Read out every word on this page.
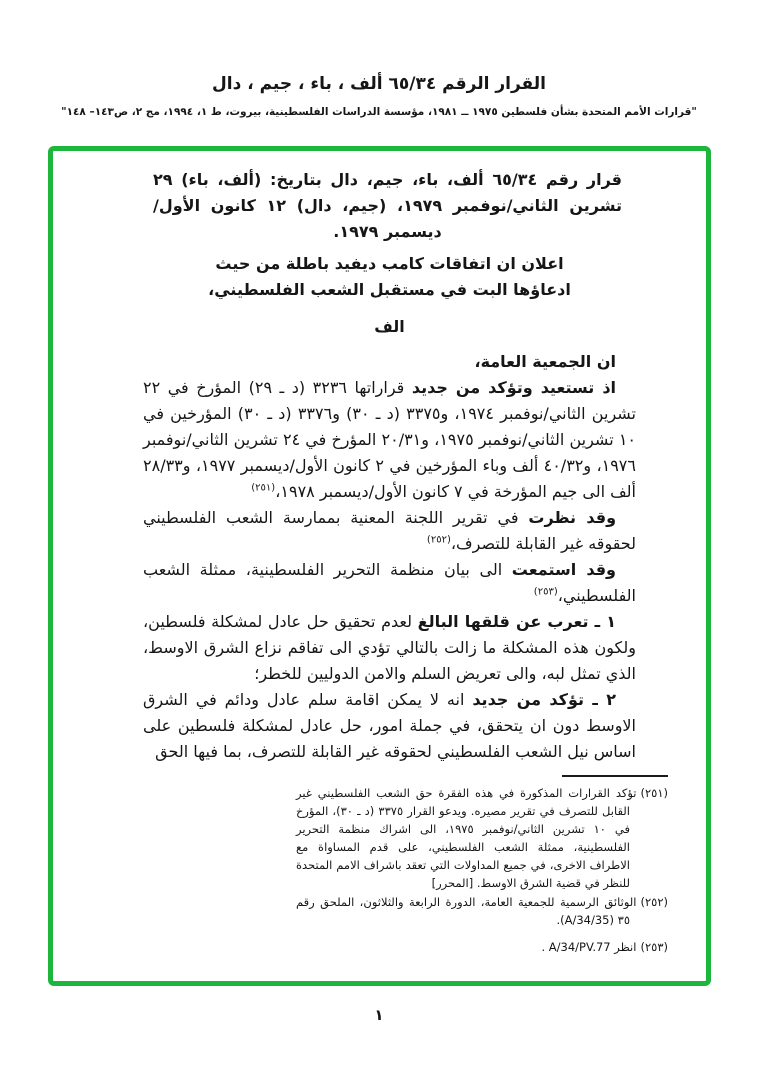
القرار الرقم ٦٥/٣٤ ألف ، باء ، جيم ، دال
"قرارات الأمم المتحدة بشأن فلسطين ١٩٧٥ ــ ١٩٨١، مؤسسة الدراسات الفلسطينية، بيروت، ط ١، ١٩٩٤، مج ٢، ص١٤٣– ١٤٨"

قرار رقم ٦٥/٣٤ ألف، باء، جيم، دال بتاريخ: (ألف، باء) ٢٩ تشرين الثاني/نوفمبر ١٩٧٩، (جيم، دال) ١٢ كانون الأول/ديسمبر ١٩٧٩.

اعلان ان اتفاقات كامب ديفيد باطلة من حيث

ادعاؤها البت في مستقبل الشعب الفلسطيني،

الف

ان الجمعية العامة،

اذ تستعيد وتؤكد من جديد قراراتها ٣٢٣٦ (د ـ ٢٩) المؤرخ في ٢٢ تشرين الثاني/نوفمبر ١٩٧٤، و٣٣٧٥ (د ـ ٣٠) و٣٣٧٦ (د ـ ٣٠) المؤرخين في ١٠ تشرين الثاني/نوفمبر ١٩٧٥، و٢٠/٣١ المؤرخ في ٢٤ تشرين الثاني/نوفمبر ١٩٧٦، و٤٠/٣٢ ألف وباء المؤرخين في ٢ كانون الأول/ديسمبر ١٩٧٧، و٢٨/٣٣ ألف الى جيم المؤرخة في ٧ كانون الأول/ديسمبر ١٩٧٨،$^{(٢٥١)}$

وقد نظرت في تقرير اللجنة المعنية بممارسة الشعب الفلسطيني لحقوقه غير القابلة للتصرف،$^{(٢٥٢)}$

وقد استمعت الى بيان منظمة التحرير الفلسطينية، ممثلة الشعب الفلسطيني،$^{(٢٥٣)}$

١ ـ تعرب عن قلقها البالغ لعدم تحقيق حل عادل لمشكلة فلسطين، ولكون هذه المشكلة ما زالت بالتالي تؤدي الى تفاقم نزاع الشرق الاوسط، الذي تمثل لبه، والى تعريض السلم والامن الدوليين للخطر؛

٢ ـ تؤكد من جديد انه لا يمكن اقامة سلم عادل ودائم في الشرق الاوسط دون ان يتحقق، في جملة امور، حل عادل لمشكلة فلسطين على اساس نيل الشعب الفلسطيني لحقوقه غير القابلة للتصرف، بما فيها الحق

(٢٥١)تؤكد القرارات المذكورة في هذه الفقرة حق الشعب الفلسطيني غير القابل للتصرف في تقرير مصيره. ويدعو القرار ٣٣٧٥ (د ـ ٣٠)، المؤرخ في ١٠ تشرين الثاني/نوفمبر ١٩٧٥، الى اشراك منظمة التحرير الفلسطينية، ممثلة الشعب الفلسطيني، على قدم المساواة مع الاطراف الاخرى، في جميع المداولات التي تعقد باشراف الامم المتحدة للنظر في قضية الشرق الاوسط. [المحرر]
(٢٥٢)الوثائق الرسمية للجمعية العامة، الدورة الرابعة والثلاثون، الملحق رقم ٣٥ (A/34/35).
(٢٥٣)انظر A/34/PV.77 .
١
